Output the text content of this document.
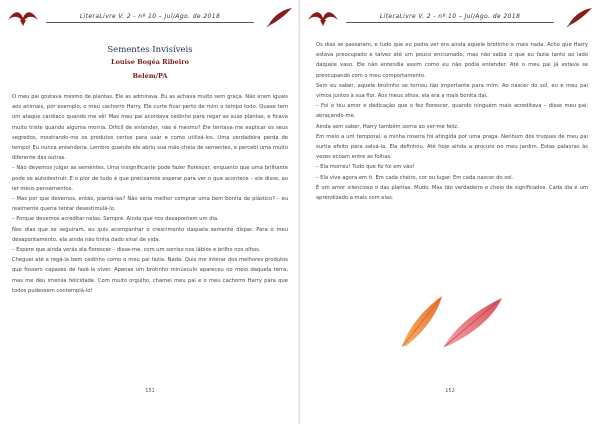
LiteraLivre V. 2 - nº 10 – Jul/Ago. de 2018
Sementes Invisíveis
Louise Bogéa Ribeiro
Belém/PA

O meu pai gostava mesmo de plantas. Ele as admirava. Eu as achava muito sem graça. Não eram iguais aos animais, por exemplo, o meu cachorro Harry. Ele curte ficar perto de mim o tempo todo. Quase tem um ataque cardíaco quando me vê! Mas meu pai acordava cedinho para regar as suas plantas, e ficava muito triste quando alguma morria. Difícil de entender, não é mesmo? Ele tentava me explicar os seus segredos, mostrando-me os produtos certos para usar e como utilizá-los. Uma verdadeira perda de tempo! Eu nunca entenderia. Lembro quando ele abriu sua mão cheia de sementes, e percebi uma muito diferente das outras.

– Não devemos julgar as sementes. Uma insignificante pode fazer florescer, enquanto que uma brilhante pode se autodestruir. E o pior de tudo é que precisamos esperar para ver o que acontece – ele disse, ao ler meus pensamentos.

– Mas por que devemos, então, plantá-las? Não seria melhor comprar uma bem bonita de plástico? – eu realmente queria tentar desestimulá-lo.

– Porque devemos acreditar nelas. Sempre. Ainda que nos desapontem um dia.

Nos dias que se seguiram, eu quis acompanhar o crescimento daquela semente díspar. Para o meu desapontamento, ela ainda não tinha dado sinal de vida.

– Espere que ainda verás ela florescer – disse-me, com um sorriso nos lábios e brilho nos olhos.

Cheguei até a regá-la bem cedinho como o meu pai fazia. Nada. Quis me interar dos melhores produtos que fossem capazes de fazê-la viver. Apenas um brotinho minúsculo apareceu no meio daquela terra, mas me deu imensa felicidade. Com muito orgulho, chamei meu pai e o meu cachorro Harry para que todos pudessem contemplá-lo!

151
LiteraLivre V. 2 - nº 10 – Jul/Ago. de 2018

Os dias se passaram, e tudo que eu podia ver era ainda aquele brotinho e mais nada. Acho que Harry estava preocupado e talvez até um pouco enciumado, mas não sabia o que eu fazia tanto ao lado daquele vaso. Ele não entendia assim como eu não podia entender. Até o meu pai já estava se preocupando com o meu comportamento.

Sem eu saber, aquele brotinho se tornou tão importante para mim. Ao nascer do sol, eu e meu pai vimos juntos à sua flor. Aos meus olhos, ela era a mais bonita daí.

– Foi o teu amor e dedicação que o fez florescer, quando ninguém mais acreditava – disse meu pai, abraçando-me.

Ainda sem saber, Harry também sorria ao ver-me feliz.

Em meio a um temporal, a minha roseira foi atingida por uma praga. Nenhum dos truques de meu pai surtia efeito para salvá-la. Ela definhou. Até hoje ainda a procuro no meu jardim. Estas palavras às vezes ecoam entre as folhas:

– Ela morreu! Tudo que fiz foi em vão!

– Ela vive agora em ti. Em cada cheiro, cor ou lugar. Em cada nascer do sol.

É um amor silencioso o das plantas. Mudo. Mas tão verdadeiro e cheio de significados. Cada dia é um aprendizado a mais com elas.

152
